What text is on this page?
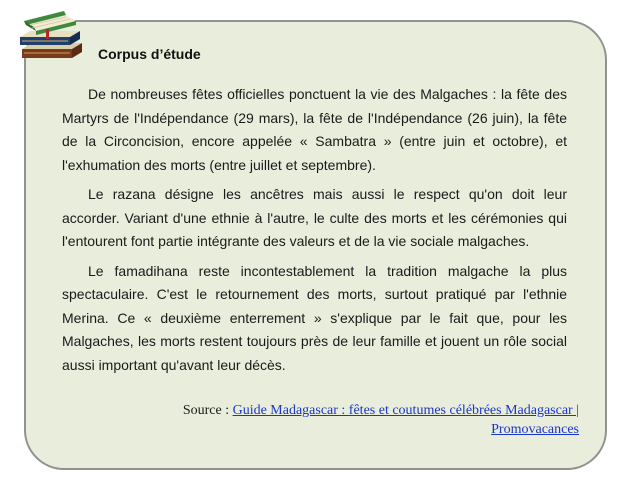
Corpus d’étude

De nombreuses fêtes officielles ponctuent la vie des Malgaches : la fête des Martyrs de l'Indépendance (29 mars), la fête de l'Indépendance (26 juin), la fête de la Circoncision, encore appelée « Sambatra » (entre juin et octobre), et l'exhumation des morts (entre juillet et septembre).

Le razana désigne les ancêtres mais aussi le respect qu'on doit leur accorder. Variant d'une ethnie à l'autre, le culte des morts et les cérémonies qui l'entourent font partie intégrante des valeurs et de la vie sociale malgaches.

Le famadihana reste incontestablement la tradition malgache la plus spectaculaire. C'est le retournement des morts, surtout pratiqué par l'ethnie Merina. Ce « deuxième enterrement » s'explique par le fait que, pour les Malgaches, les morts restent toujours près de leur famille et jouent un rôle social aussi important qu'avant leur décès.

Source : Guide Madagascar : fêtes et coutumes célébrées Madagascar | Promovacances
